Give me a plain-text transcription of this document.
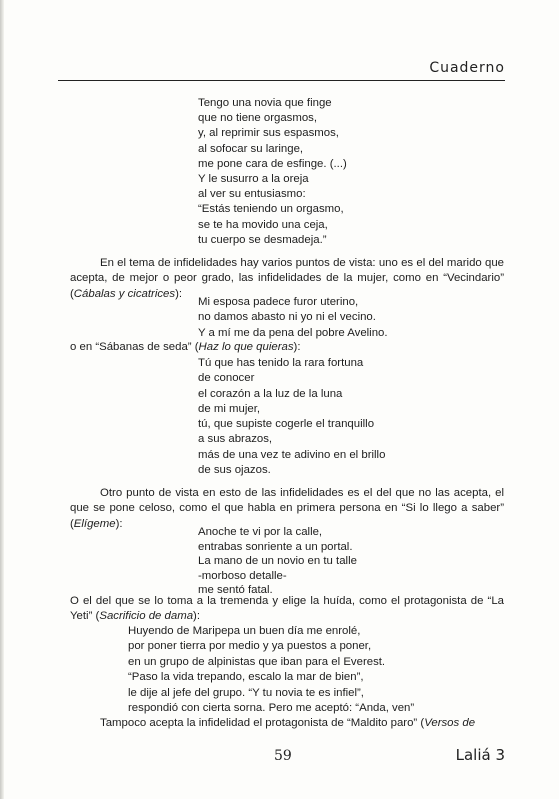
Cuaderno
Tengo una novia que finge
que no tiene orgasmos,
y, al reprimir sus espasmos,
al sofocar su laringe,
me pone cara de esfinge. (...)
Y le susurro a la oreja
al ver su entusiasmo:
“Estás teniendo un orgasmo,
se te ha movido una ceja,
tu cuerpo se desmadeja.”

En el tema de infidelidades hay varios puntos de vista: uno es el del marido que acepta, de mejor o peor grado, las infidelidades de la mujer, como en “Vecindario” (Cábalas y cicatrices):

Mi esposa padece furor uterino,
no damos abasto ni yo ni el vecino.
Y a mí me da pena del pobre Avelino.
o en “Sábanas de seda” (Haz lo que quieras):
Tú que has tenido la rara fortuna
de conocer
el corazón a la luz de la luna
de mi mujer,
tú, que supiste cogerle el tranquillo
a sus abrazos,
más de una vez te adivino en el brillo
de sus ojazos.

Otro punto de vista en esto de las infidelidades es el del que no las acepta, el que se pone celoso, como el que habla en primera persona en “Si lo llego a saber” (Elígeme):

Anoche te vi por la calle,
entrabas sonriente a un portal.
La mano de un novio en tu talle
-morboso detalle-
me sentó fatal.

O el del que se lo toma a la tremenda y elige la huída, como el protagonista de “La Yeti” (Sacrificio de dama):

Huyendo de Maripepa un buen día me enrolé,
por poner tierra por medio y ya puestos a poner,
en un grupo de alpinistas que iban para el Everest.
“Paso la vida trepando, escalo la mar de bien”,
le dije al jefe del grupo. “Y tu novia te es infiel”,
respondió con cierta sorna. Pero me aceptó: “Anda, ven”

Tampoco acepta la infidelidad el protagonista de “Maldito paro” (Versos de

59	Laliá 3
